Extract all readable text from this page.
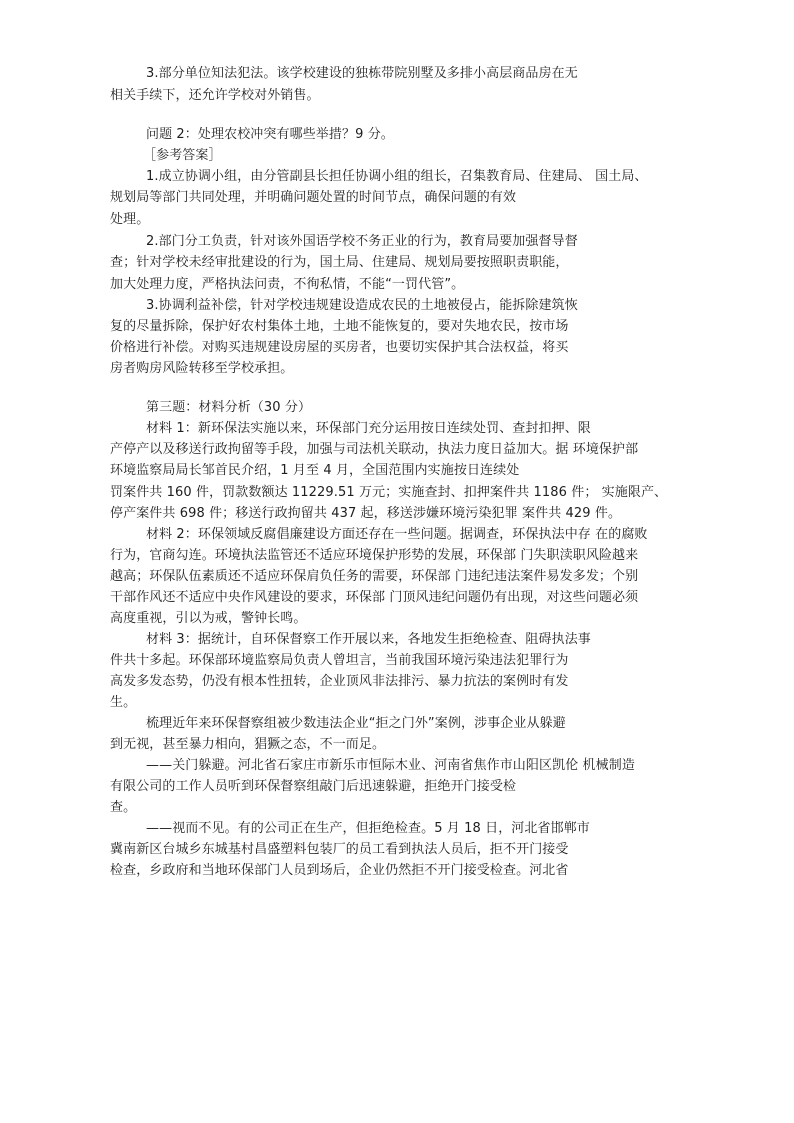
3.部分单位知法犯法。该学校建设的独栋带院别墅及多排小高层商品房在无
相关手续下，还允许学校对外销售。
问题 2：处理农校冲突有哪些举措？9 分。
［参考答案］
1.成立协调小组，由分管副县长担任协调小组的组长，召集教育局、住建局、 国土局、
规划局等部门共同处理，并明确问题处置的时间节点，确保问题的有效
处理。
2.部门分工负责，针对该外国语学校不务正业的行为，教育局要加强督导督
查；针对学校未经审批建设的行为，国土局、住建局、规划局要按照职责职能，
加大处理力度，严格执法问责，不徇私情，不能“一罚代管”。
3.协调利益补偿，针对学校违规建设造成农民的土地被侵占，能拆除建筑恢
复的尽量拆除，保护好农村集体土地，土地不能恢复的，要对失地农民，按市场
价格进行补偿。对购买违规建设房屋的买房者，也要切实保护其合法权益，将买
房者购房风险转移至学校承担。
第三题：材料分析（30 分）
材料 1：新环保法实施以来，环保部门充分运用按日连续处罚、查封扣押、限
产停产以及移送行政拘留等手段，加强与司法机关联动，执法力度日益加大。据 环境保护部
环境监察局局长邹首民介绍，1 月至 4 月，全国范围内实施按日连续处
罚案件共 160 件，罚款数额达 11229.51 万元；实施查封、扣押案件共 1186 件； 实施限产、
停产案件共 698 件；移送行政拘留共 437 起，移送涉嫌环境污染犯罪 案件共 429 件。
材料 2：环保领域反腐倡廉建设方面还存在一些问题。据调查，环保执法中存 在的腐败
行为，官商勾连。环境执法监管还不适应环境保护形势的发展，环保部 门失职渎职风险越来
越高；环保队伍素质还不适应环保肩负任务的需要，环保部 门违纪违法案件易发多发；个别
干部作风还不适应中央作风建设的要求，环保部 门顶风违纪问题仍有出现，对这些问题必须
高度重视，引以为戒，警钟长鸣。
材料 3：据统计，自环保督察工作开展以来，各地发生拒绝检查、阻碍执法事
件共十多起。环保部环境监察局负责人曾坦言，当前我国环境污染违法犯罪行为
高发多发态势，仍没有根本性扭转，企业顶风非法排污、暴力抗法的案例时有发
生。
梳理近年来环保督察组被少数违法企业“拒之门外”案例，涉事企业从躲避
到无视，甚至暴力相向，猖獗之态，不一而足。
——关门躲避。河北省石家庄市新乐市恒际木业、河南省焦作市山阳区凯伦 机械制造
有限公司的工作人员听到环保督察组敲门后迅速躲避，拒绝开门接受检
查。
——视而不见。有的公司正在生产，但拒绝检查。5 月 18 日，河北省邯郸市
冀南新区台城乡东城基村昌盛塑料包装厂的员工看到执法人员后，拒不开门接受
检查，乡政府和当地环保部门人员到场后，企业仍然拒不开门接受检查。河北省
